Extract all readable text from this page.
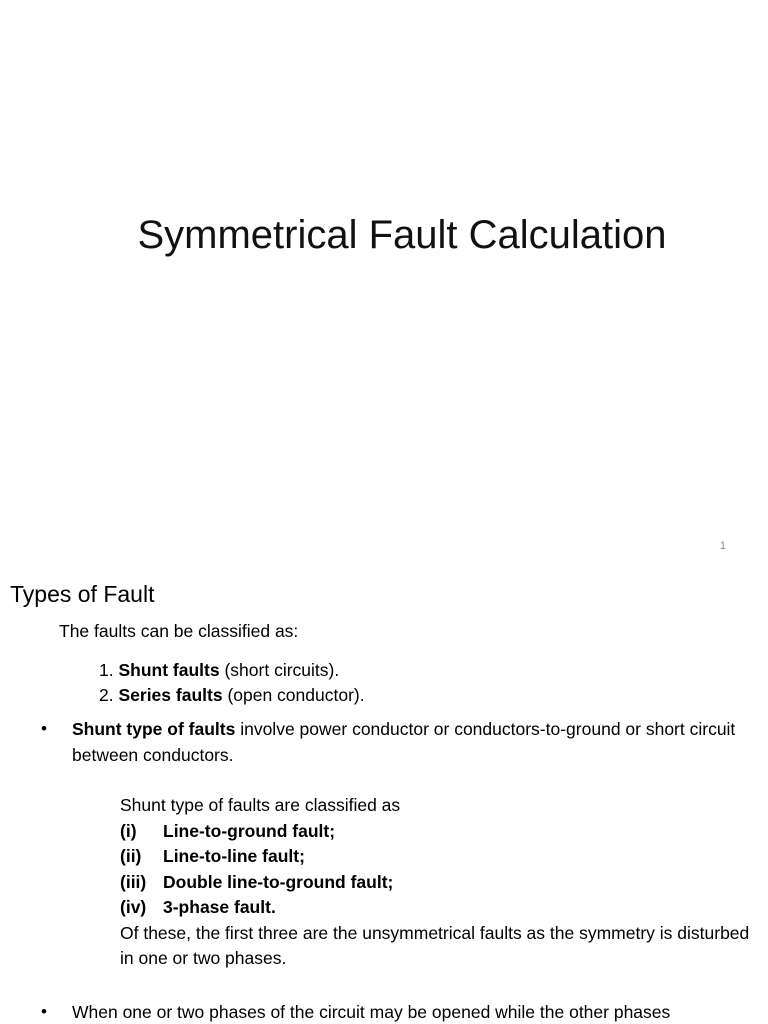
Symmetrical Fault Calculation
1
Types of Fault
The faults can be classified as:
1. Shunt faults (short circuits).
2. Series faults (open conductor).
• Shunt type of faults involve power conductor or conductors-to-ground or short circuit between conductors.
Shunt type of faults are classified as
(i)	Line-to-ground fault;
(ii)	Line-to-line fault;
(iii) Double line-to-ground fault;
(iv) 3-phase fault.
Of these, the first three are the unsymmetrical faults as the symmetry is disturbed in one or two phases.
• When one or two phases of the circuit may be opened while the other phases
